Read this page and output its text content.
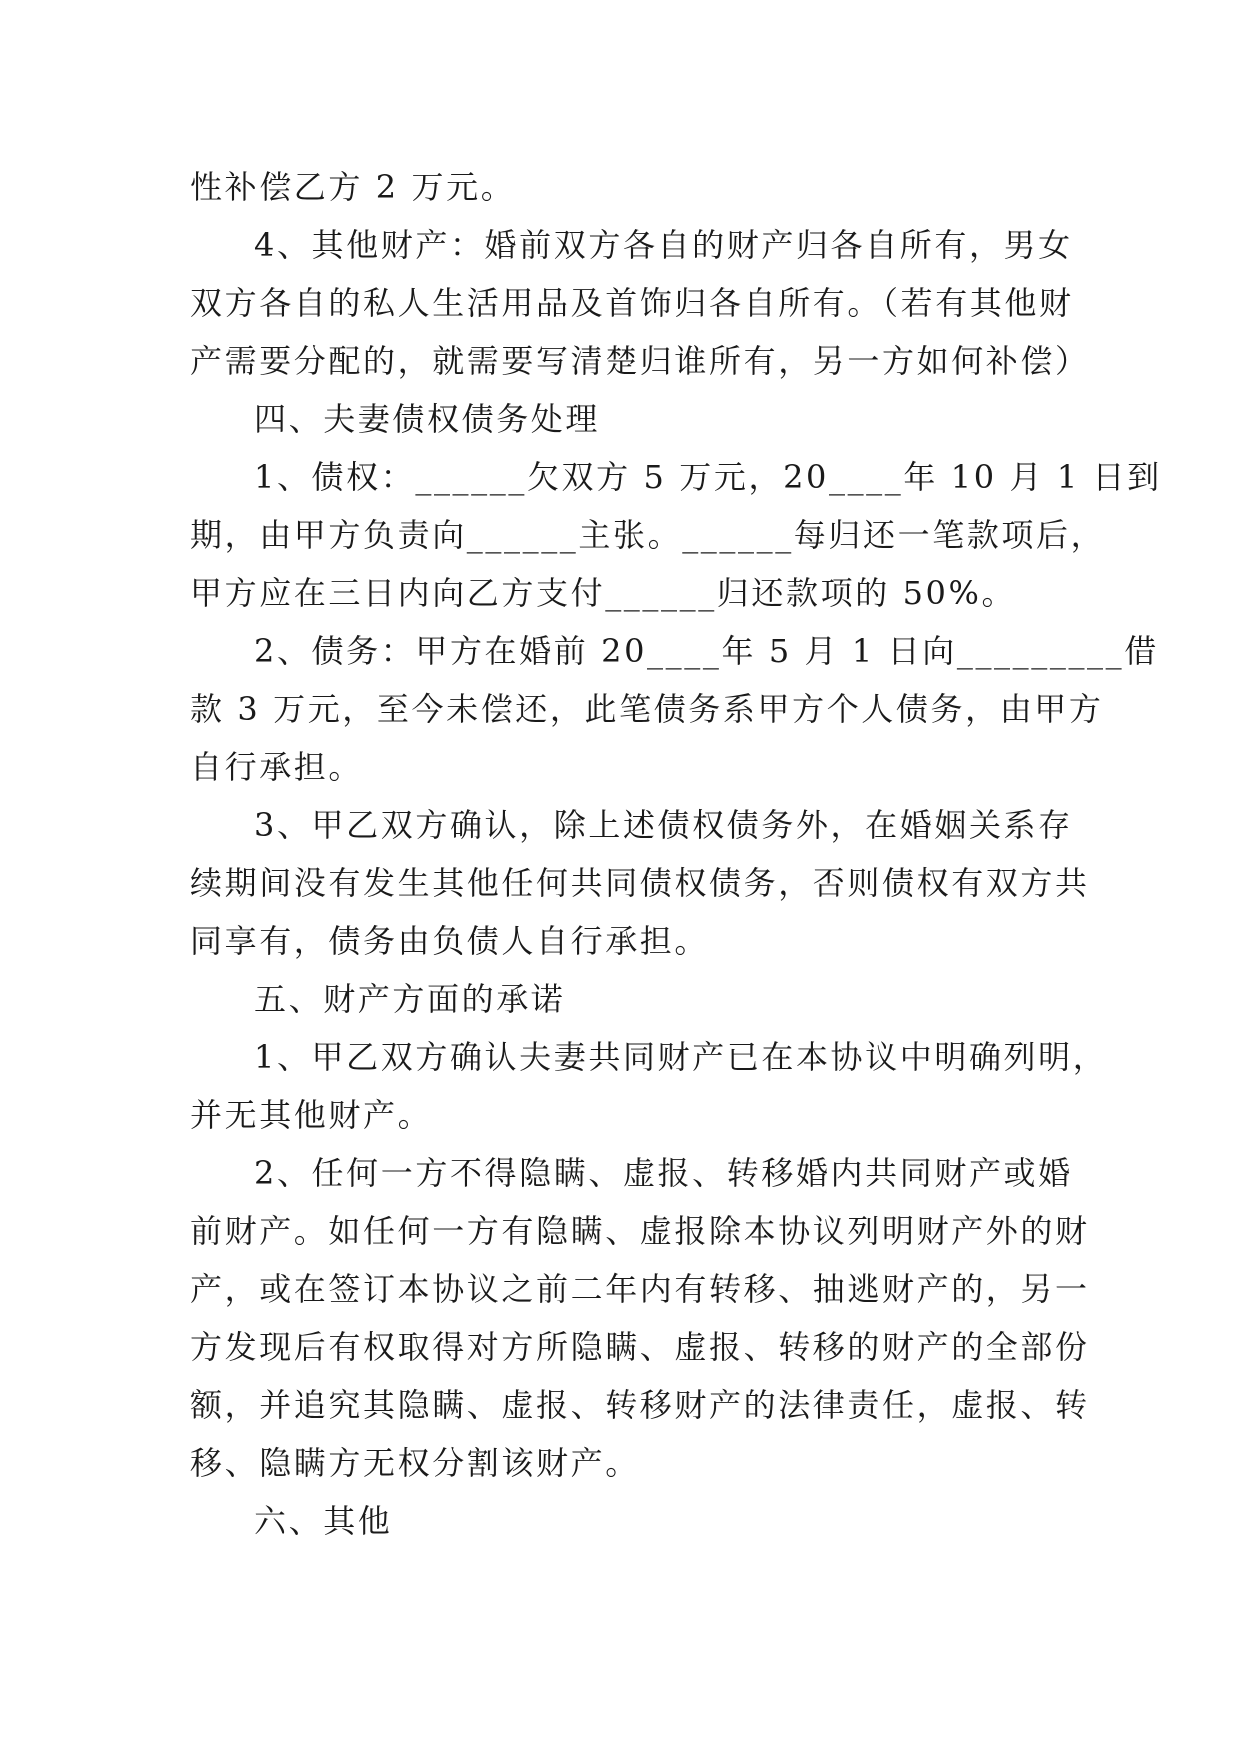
性补偿乙方 2 万元。
4、其他财产：婚前双方各自的财产归各自所有，男女
双方各自的私人生活用品及首饰归各自所有。（若有其他财
产需要分配的，就需要写清楚归谁所有，另一方如何补偿）
四、夫妻债权债务处理
1、债权：______欠双方 5 万元，20____年 10 月 1 日到
期，由甲方负责向______主张。______每归还一笔款项后，
甲方应在三日内向乙方支付______归还款项的 50%。
2、债务：甲方在婚前 20____年 5 月 1 日向_________借
款 3 万元，至今未偿还，此笔债务系甲方个人债务，由甲方
自行承担。
3、甲乙双方确认，除上述债权债务外，在婚姻关系存
续期间没有发生其他任何共同债权债务，否则债权有双方共
同享有，债务由负债人自行承担。
五、财产方面的承诺
1、甲乙双方确认夫妻共同财产已在本协议中明确列明，
并无其他财产。
2、任何一方不得隐瞒、虚报、转移婚内共同财产或婚
前财产。如任何一方有隐瞒、虚报除本协议列明财产外的财
产，或在签订本协议之前二年内有转移、抽逃财产的，另一
方发现后有权取得对方所隐瞒、虚报、转移的财产的全部份
额，并追究其隐瞒、虚报、转移财产的法律责任，虚报、转
移、隐瞒方无权分割该财产。
六、其他
